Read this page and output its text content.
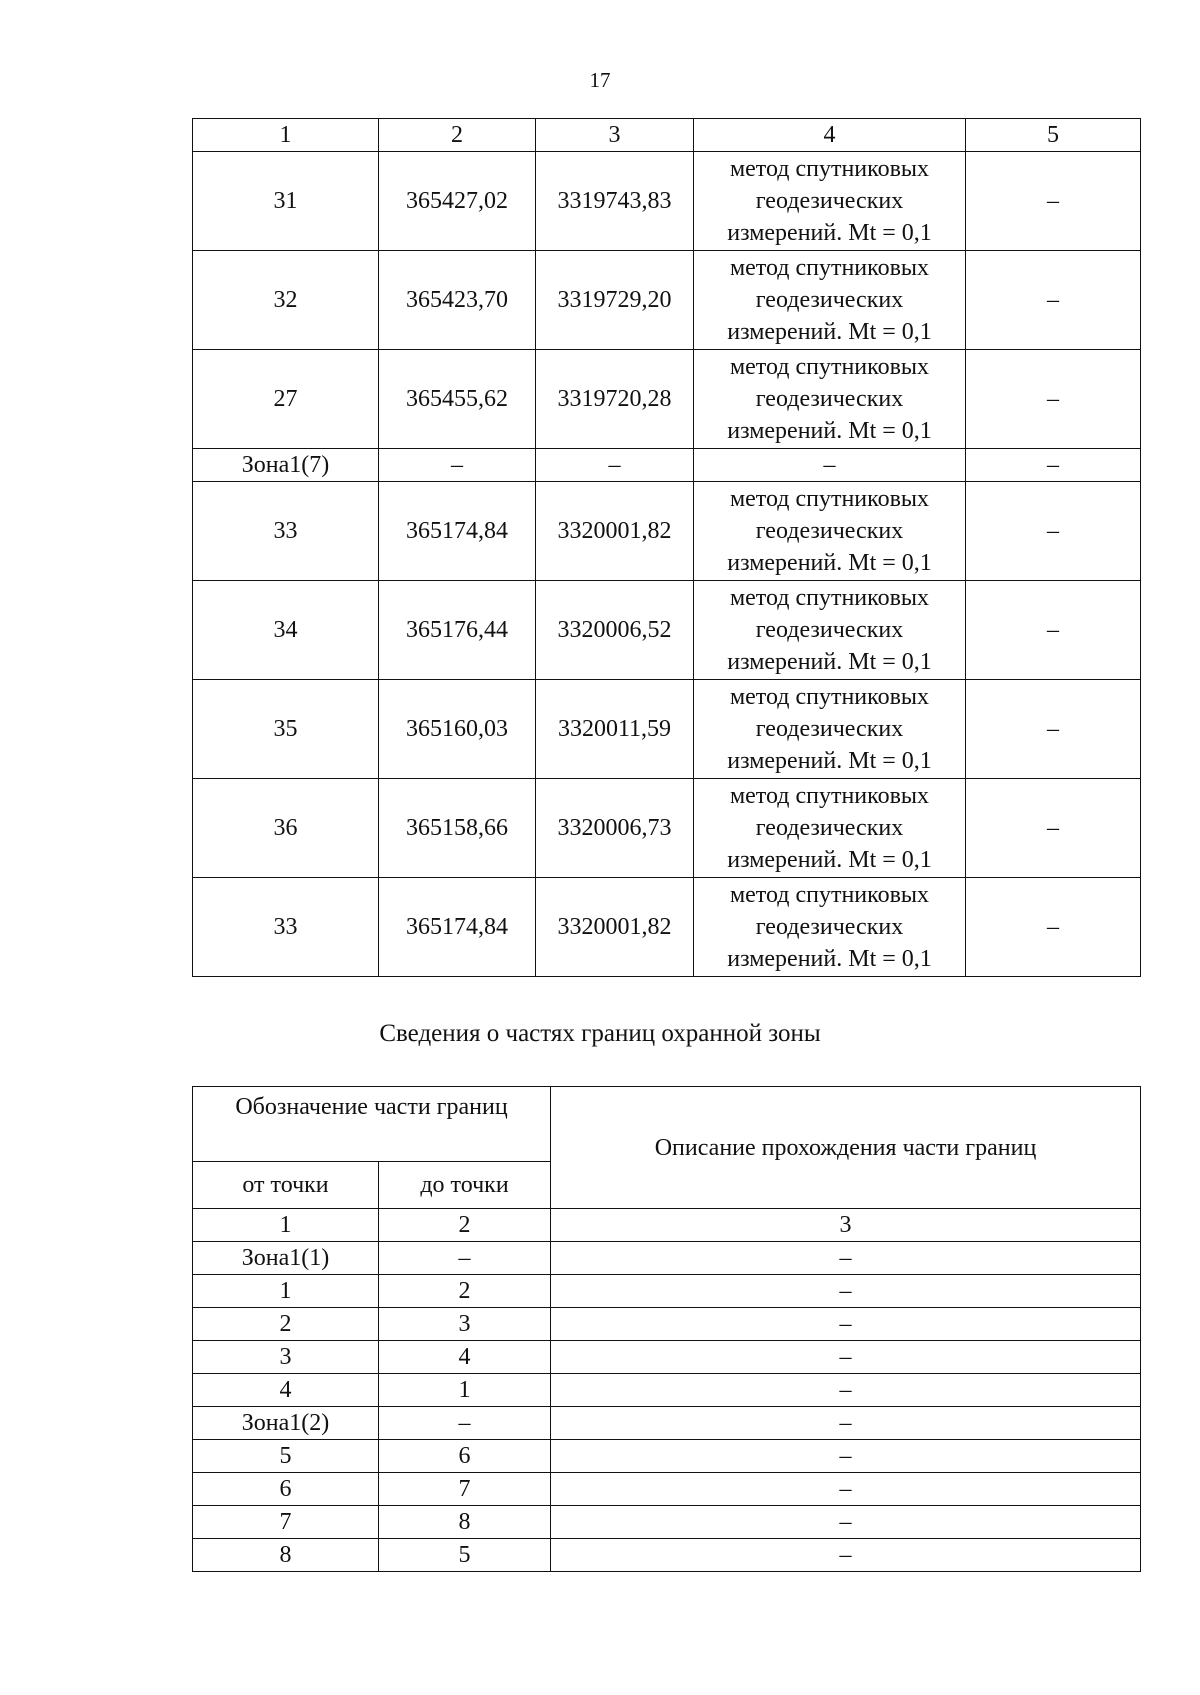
17
1	2	3	4	5
31	365427,02	3319743,83	метод спутниковых
геодезических
измерений. Mt = 0,1	–
32	365423,70	3319729,20	метод спутниковых
геодезических
измерений. Mt = 0,1	–
27	365455,62	3319720,28	метод спутниковых
геодезических
измерений. Mt = 0,1	–
Зона1(7)	–	–	–	–
33	365174,84	3320001,82	метод спутниковых
геодезических
измерений. Mt = 0,1	–
34	365176,44	3320006,52	метод спутниковых
геодезических
измерений. Mt = 0,1	–
35	365160,03	3320011,59	метод спутниковых
геодезических
измерений. Mt = 0,1	–
36	365158,66	3320006,73	метод спутниковых
геодезических
измерений. Mt = 0,1	–
33	365174,84	3320001,82	метод спутниковых
геодезических
измерений. Mt = 0,1	–
Сведения о частях границ охранной зоны
Обозначение части границ		Описание прохождения части границ
от точки	до точки	
1	2	3
Зона1(1)	–	–
1	2	–
2	3	–
3	4	–
4	1	–
Зона1(2)	–	–
5	6	–
6	7	–
7	8	–
8	5	–
